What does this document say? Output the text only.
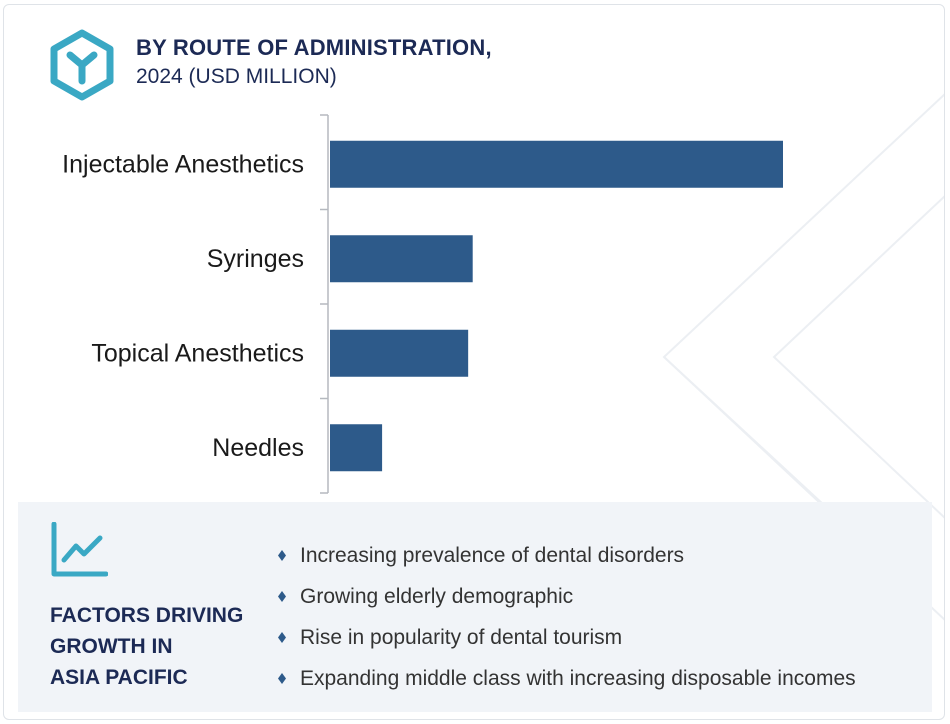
BY ROUTE OF ADMINISTRATION,
2024 (USD MILLION)
Injectable Anesthetics
Syringes
Topical Anesthetics
Needles
FACTORS DRIVING
GROWTH IN
ASIA PACIFIC
Increasing prevalence of dental disorders
Growing elderly demographic
Rise in popularity of dental tourism
Expanding middle class with increasing disposable incomes
